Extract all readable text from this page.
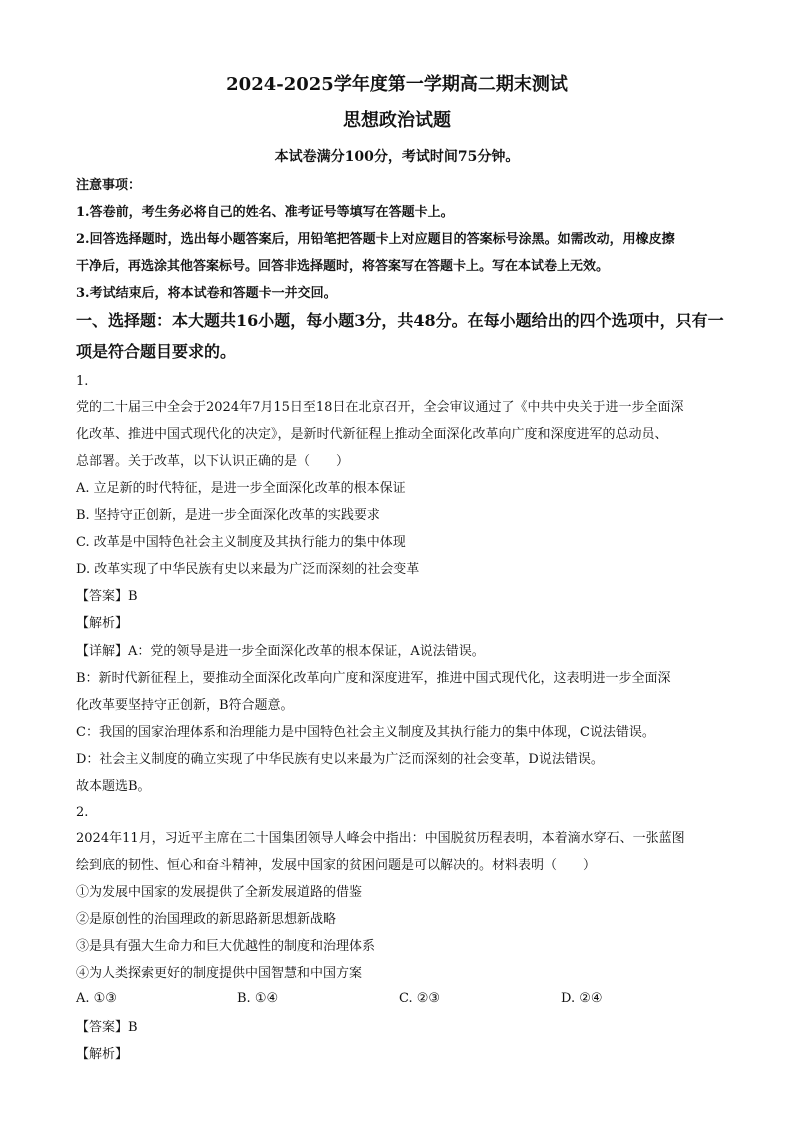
2024-2025学年度第一学期高二期末测试
思想政治试题
本试卷满分100分，考试时间75分钟。
注意事项：
1.答卷前，考生务必将自己的姓名、准考证号等填写在答题卡上。
2.回答选择题时，选出每小题答案后，用铅笔把答题卡上对应题目的答案标号涂黑。如需改动，用橡皮擦
干净后，再选涂其他答案标号。回答非选择题时，将答案写在答题卡上。写在本试卷上无效。
3.考试结束后，将本试卷和答题卡一并交回。
一、选择题：本大题共16小题，每小题3分，共48分。在每小题给出的四个选项中，只有一
项是符合题目要求的。
1.
党的二十届三中全会于2024年7月15日至18日在北京召开，全会审议通过了《中共中央关于进一步全面深
化改革、推进中国式现代化的决定》，是新时代新征程上推动全面深化改革向广度和深度进军的总动员、
总部署。关于改革，以下认识正确的是（　　）
A. 立足新的时代特征，是进一步全面深化改革的根本保证
B. 坚持守正创新，是进一步全面深化改革的实践要求
C. 改革是中国特色社会主义制度及其执行能力的集中体现
D. 改革实现了中华民族有史以来最为广泛而深刻的社会变革
【答案】B
【解析】
【详解】A：党的领导是进一步全面深化改革的根本保证，A说法错误。
B：新时代新征程上，要推动全面深化改革向广度和深度进军，推进中国式现代化，这表明进一步全面深
化改革要坚持守正创新，B符合题意。
C：我国的国家治理体系和治理能力是中国特色社会主义制度及其执行能力的集中体现，C说法错误。
D：社会主义制度的确立实现了中华民族有史以来最为广泛而深刻的社会变革，D说法错误。
故本题选B。
2.
2024年11月，习近平主席在二十国集团领导人峰会中指出：中国脱贫历程表明，本着滴水穿石、一张蓝图
绘到底的韧性、恒心和奋斗精神，发展中国家的贫困问题是可以解决的。材料表明（　　）
①为发展中国家的发展提供了全新发展道路的借鉴
②是原创性的治国理政的新思路新思想新战略
③是具有强大生命力和巨大优越性的制度和治理体系
④为人类探索更好的制度提供中国智慧和中国方案
A. ①③	B. ①④	C. ②③	D. ②④
【答案】B
【解析】
